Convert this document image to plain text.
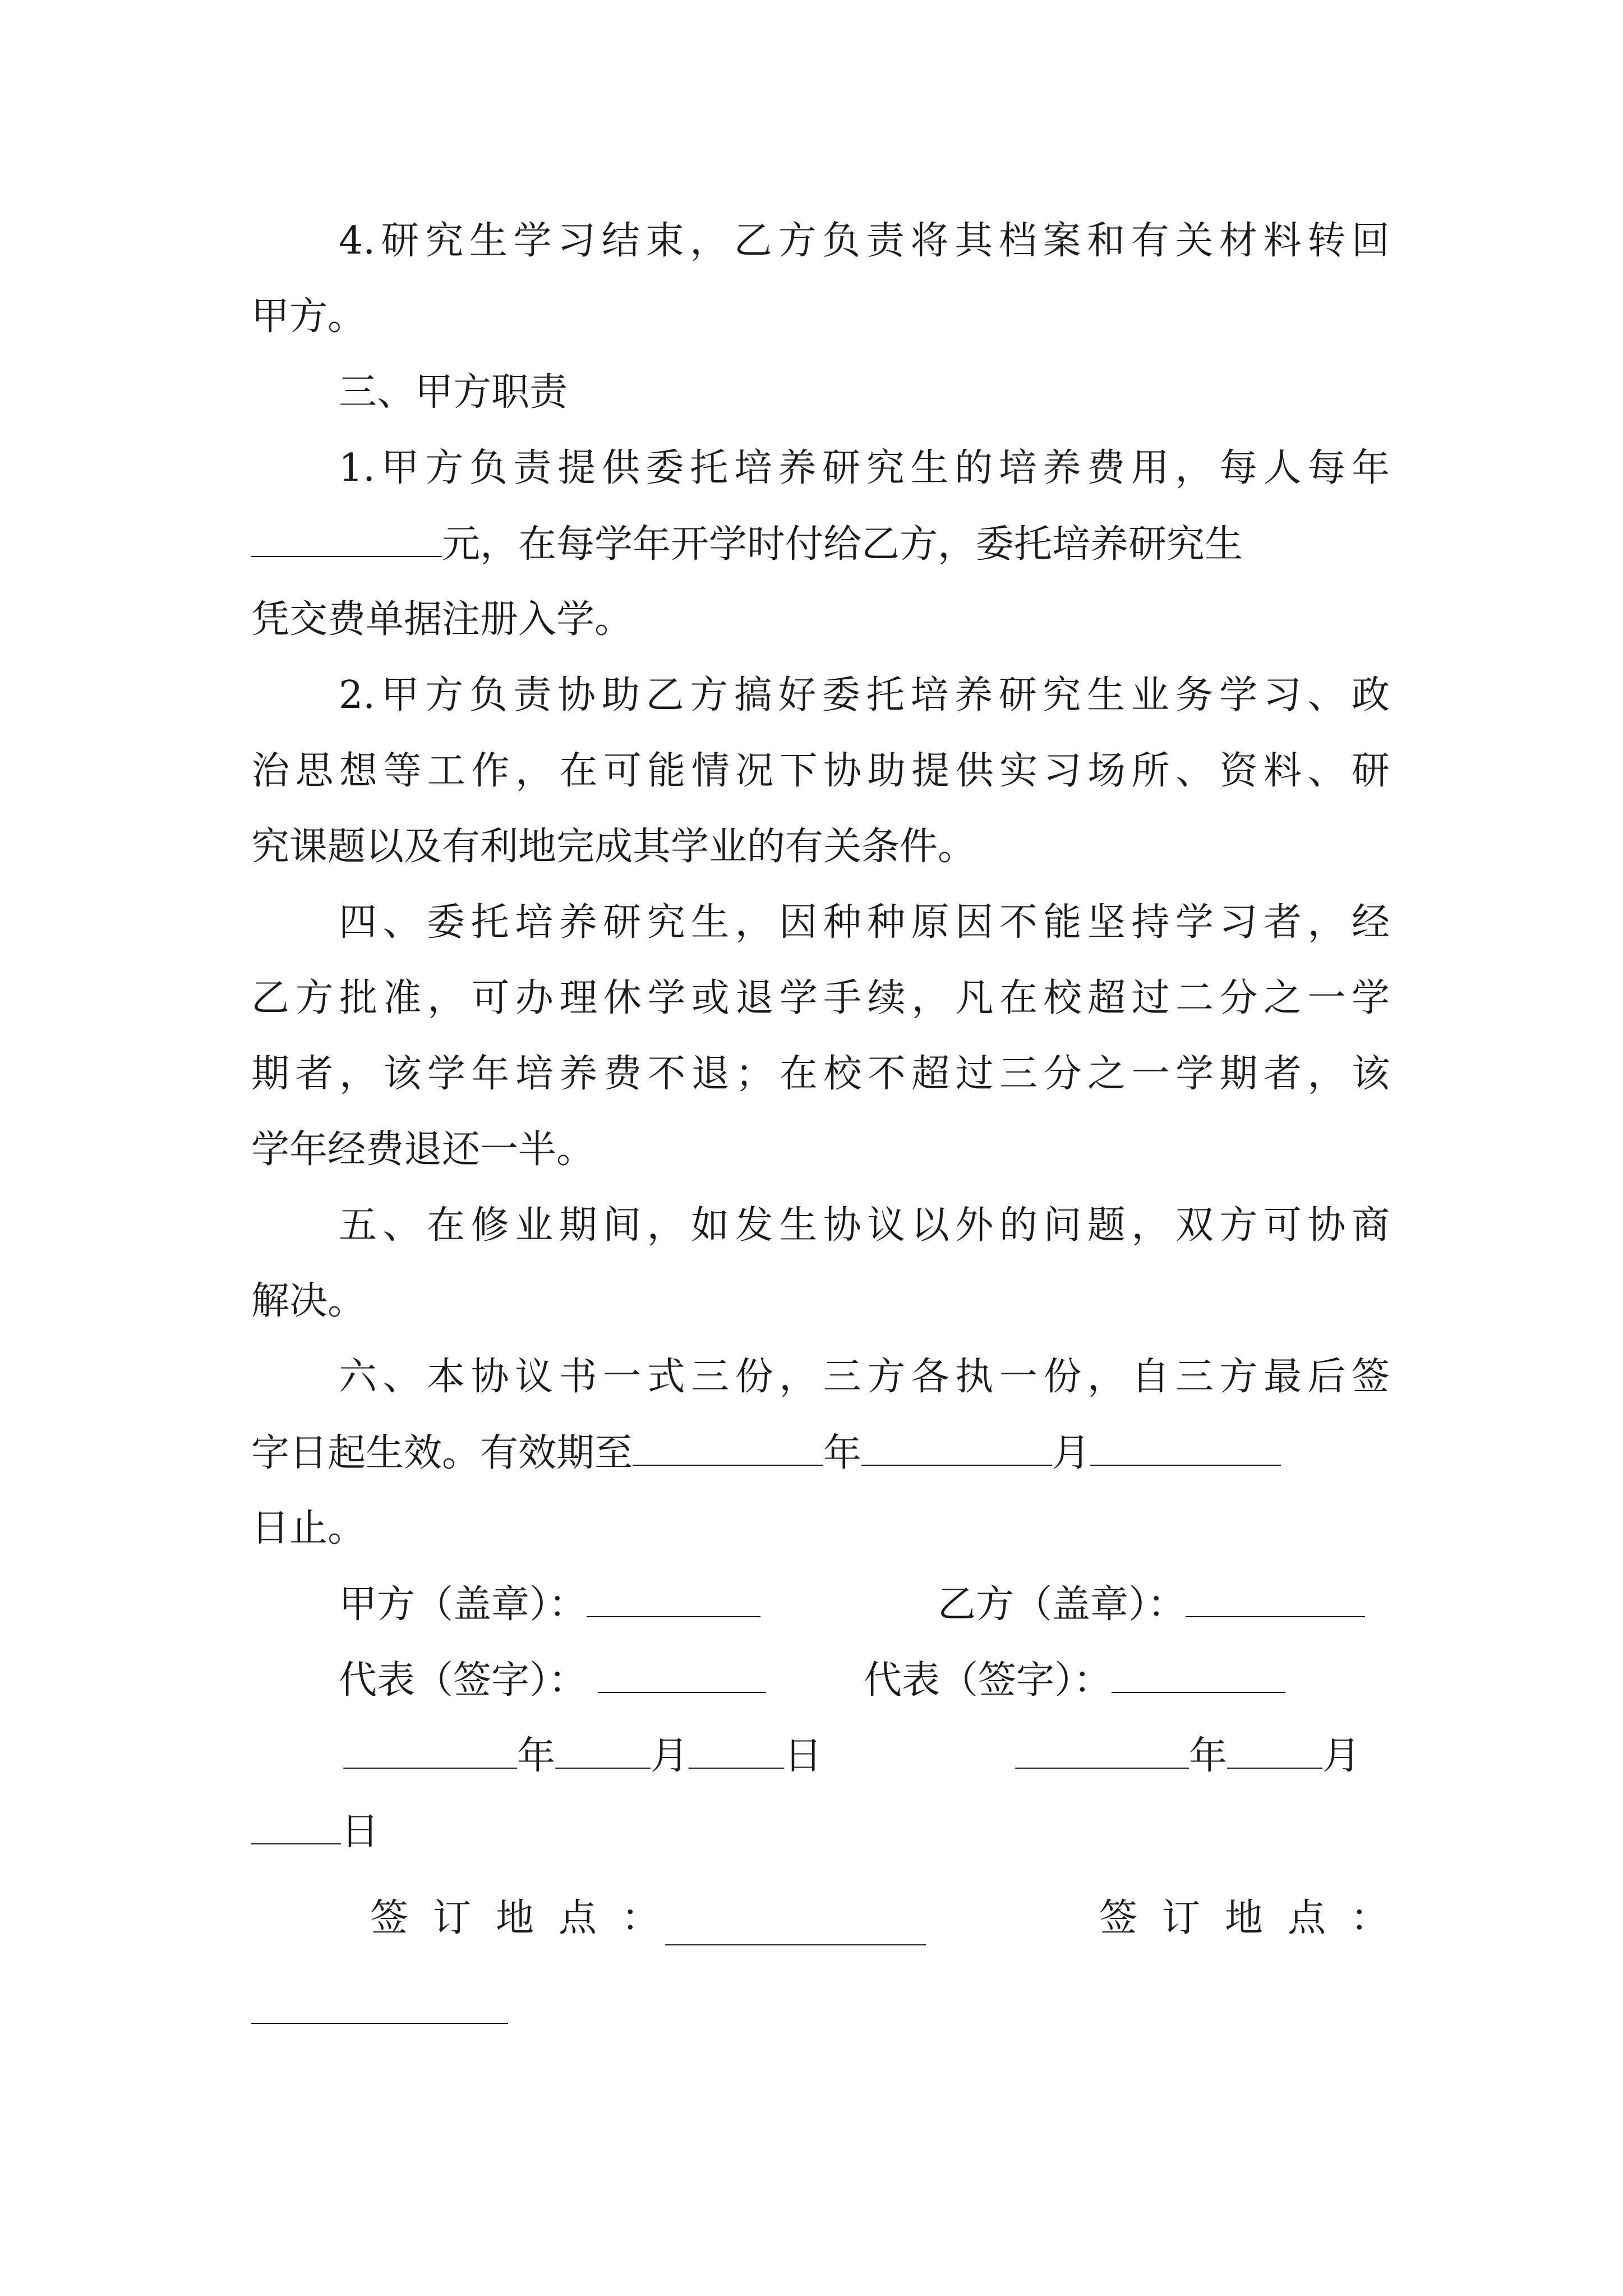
4.研究生学习结束，乙方负责将其档案和有关材料转回
甲方。
三、甲方职责
1.甲方负责提供委托培养研究生的培养费用，每人每年
元，在每学年开学时付给乙方，委托培养研究生
凭交费单据注册入学。
2.甲方负责协助乙方搞好委托培养研究生业务学习、政
治思想等工作，在可能情况下协助提供实习场所、资料、研
究课题以及有利地完成其学业的有关条件。
四、委托培养研究生，因种种原因不能坚持学习者，经
乙方批准，可办理休学或退学手续，凡在校超过二分之一学
期者，该学年培养费不退；在校不超过三分之一学期者，该
学年经费退还一半。
五、在修业期间，如发生协议以外的问题，双方可协商
解决。
六、本协议书一式三份，三方各执一份，自三方最后签
字日起生效。有效期至	年	月
日止。
甲方（盖章）：	乙方（盖章）：
代表（签字）：	代表（签字）：
年	月	日	年	月
日
签订地点：	签订地点：
